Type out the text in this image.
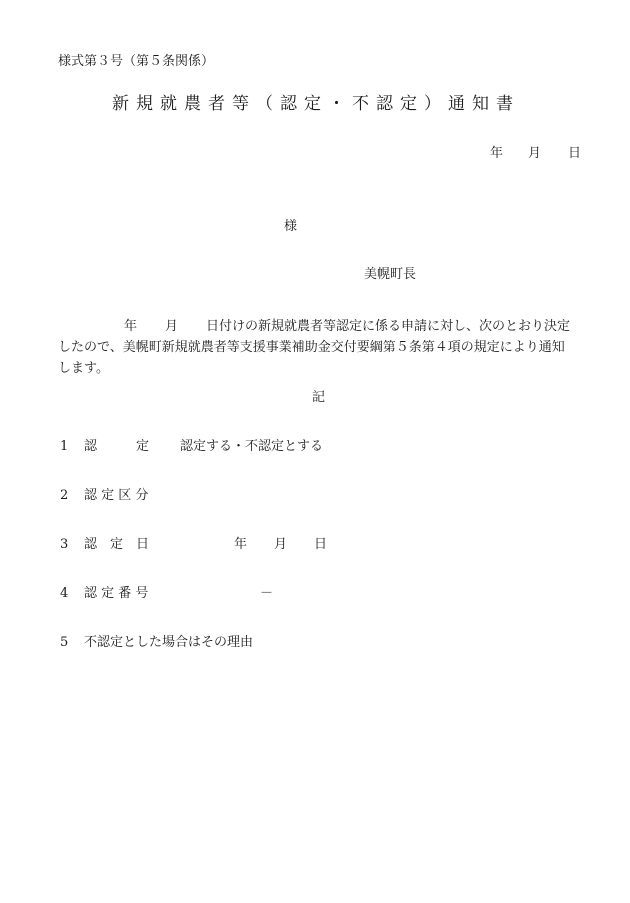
様式第３号（第５条関係）
新規就農者等（認定・不認定）通知書
年 月 日
様
美幌町長
年 月 日付けの新規就農者等認定に係る申請に対し、次のとおり決定
したので、美幌町新規就農者等支援事業補助金交付要綱第５条第４項の規定により通知
します。
記
1 認　　　定 認定する・不認定とする
2 認 定 区 分
3 認　定　日	年 月 日
4 認 定 番 号	－
5 不認定とした場合はその理由
